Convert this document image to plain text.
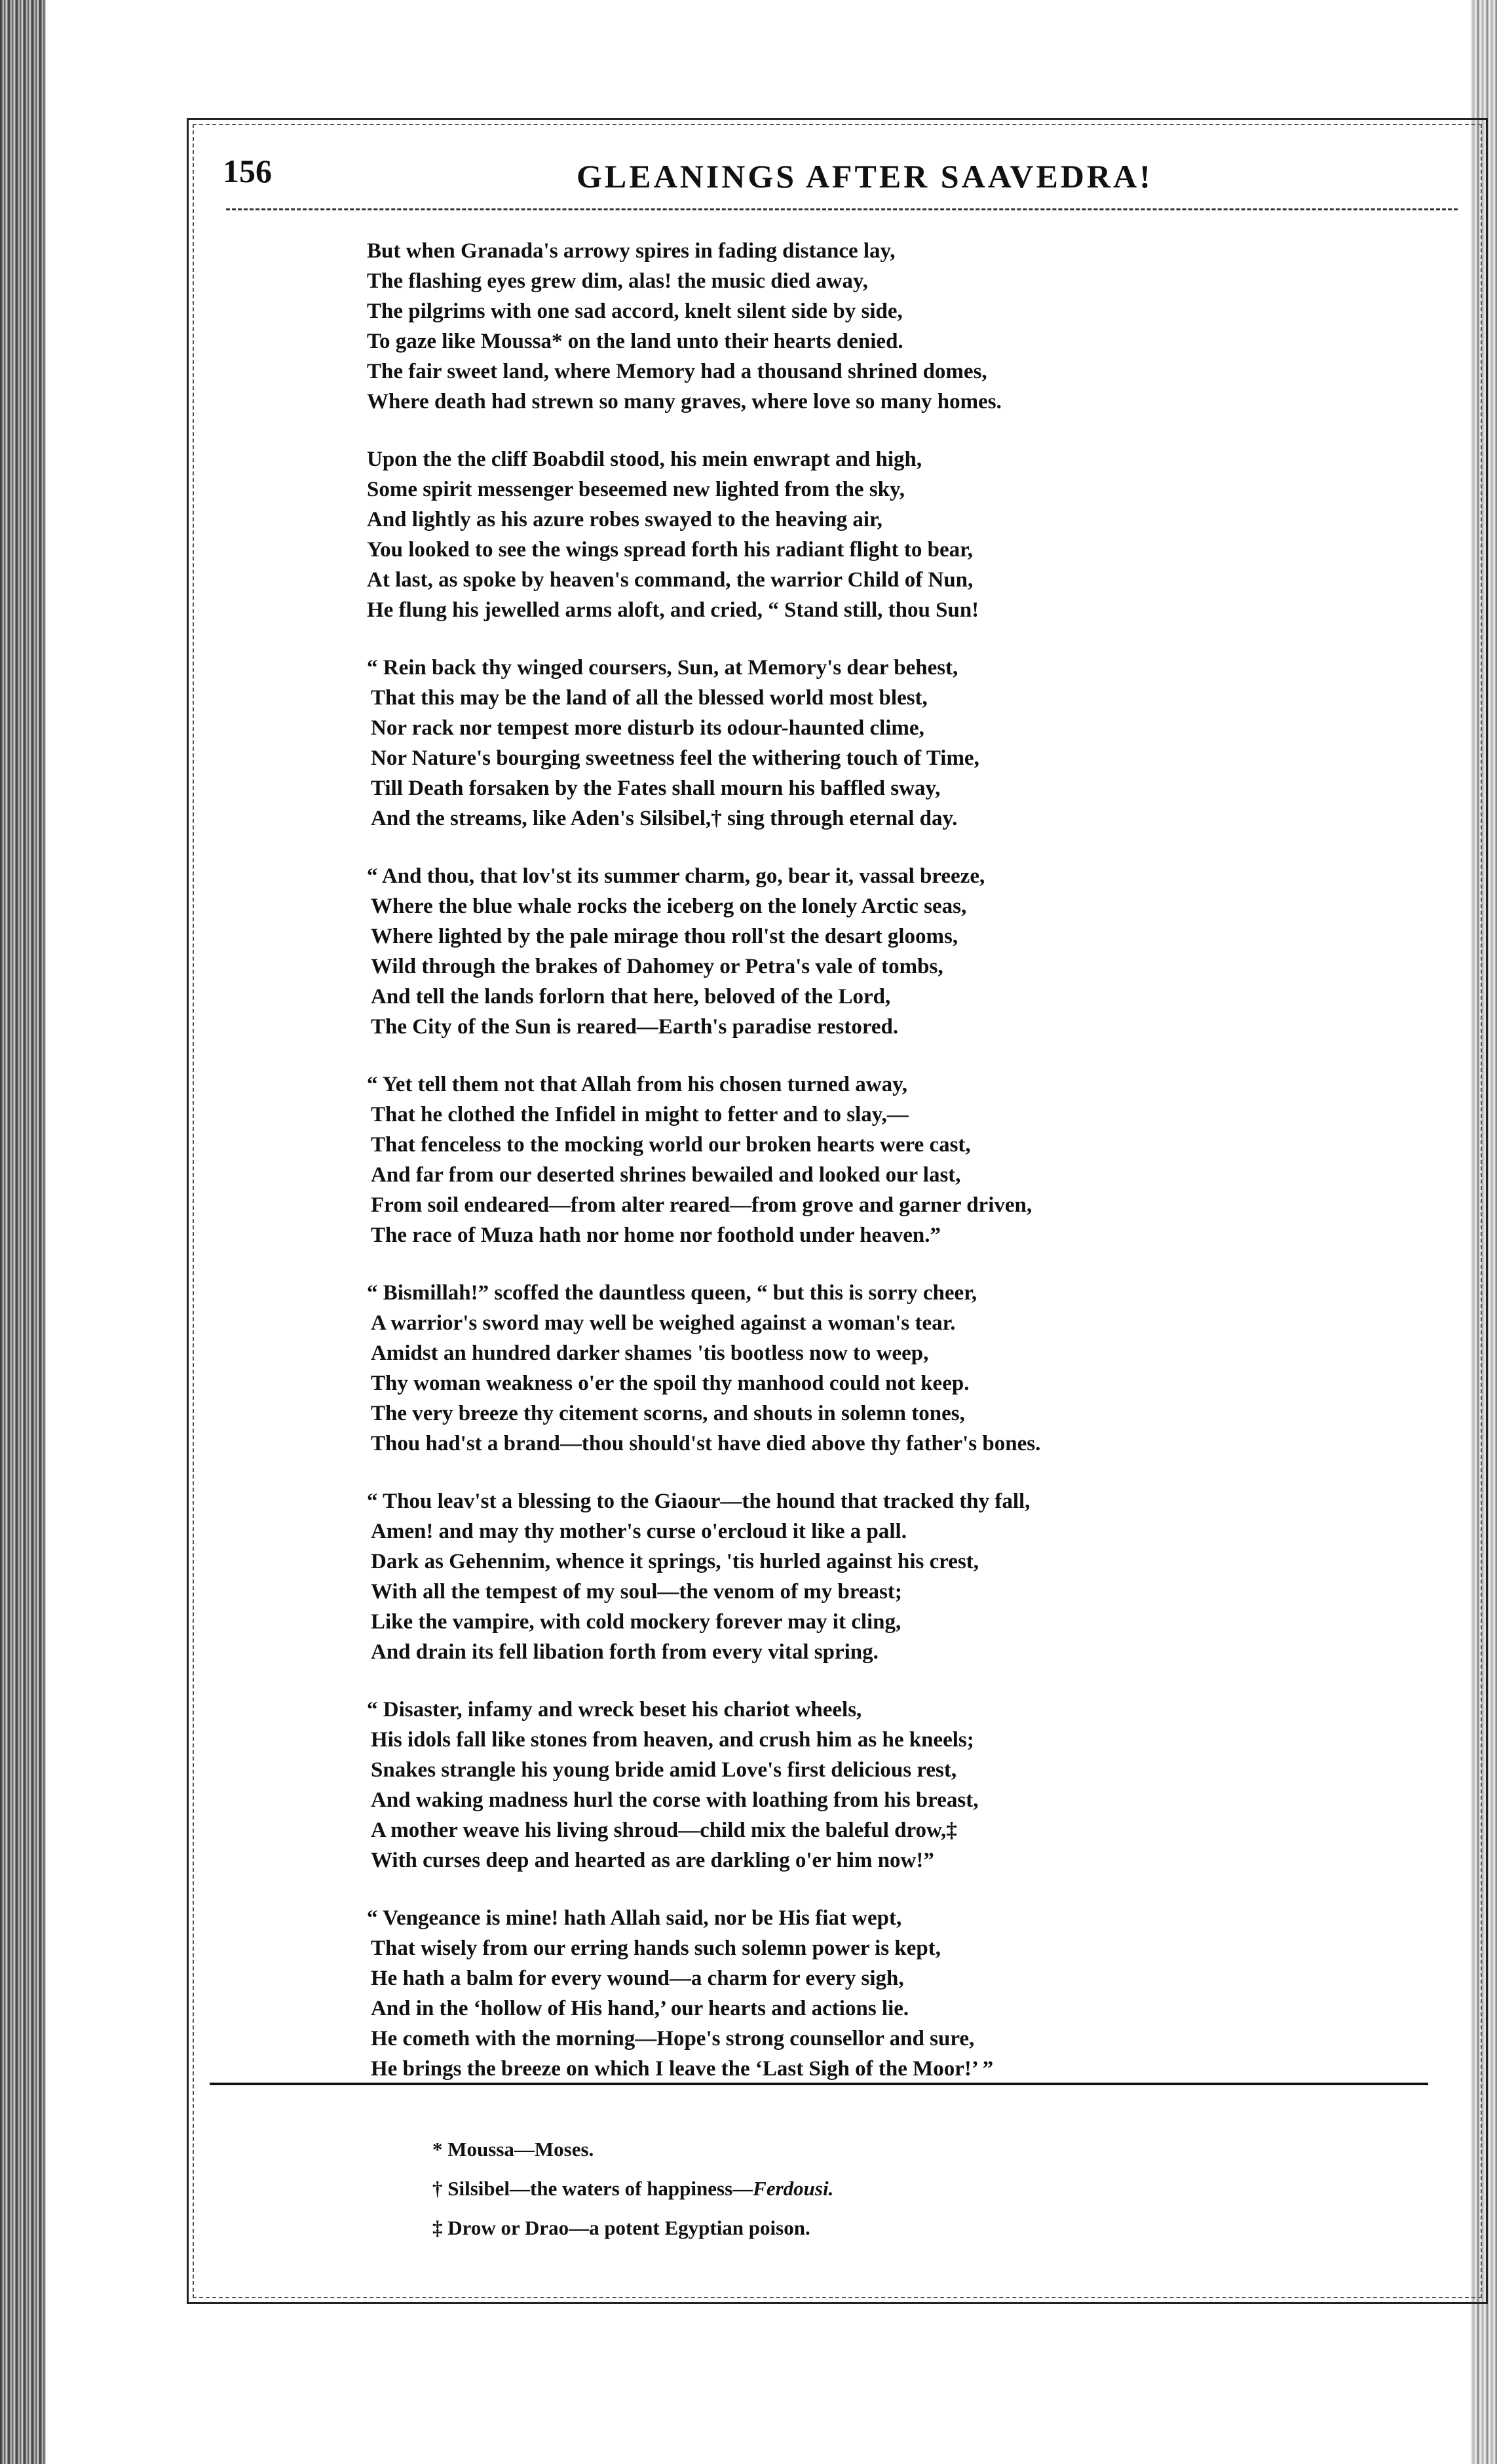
156	GLEANINGS AFTER SAAVEDRA!
But when Granada's arrowy spires in fading distance lay,
The flashing eyes grew dim, alas! the music died away,
The pilgrims with one sad accord, knelt silent side by side,
To gaze like Moussa* on the land unto their hearts denied.
The fair sweet land, where Memory had a thousand shrined domes,
Where death had strewn so many graves, where love so many homes.
Upon the the cliff Boabdil stood, his mein enwrapt and high,
Some spirit messenger beseemed new lighted from the sky,
And lightly as his azure robes swayed to the heaving air,
You looked to see the wings spread forth his radiant flight to bear,
At last, as spoke by heaven's command, the warrior Child of Nun,
He flung his jewelled arms aloft, and cried, “ Stand still, thou Sun!
“ Rein back thy winged coursers, Sun, at Memory's dear behest,
That this may be the land of all the blessed world most blest,
Nor rack nor tempest more disturb its odour-haunted clime,
Nor Nature's bourging sweetness feel the withering touch of Time,
Till Death forsaken by the Fates shall mourn his baffled sway,
And the streams, like Aden's Silsibel,† sing through eternal day.
“ And thou, that lov'st its summer charm, go, bear it, vassal breeze,
Where the blue whale rocks the iceberg on the lonely Arctic seas,
Where lighted by the pale mirage thou roll'st the desart glooms,
Wild through the brakes of Dahomey or Petra's vale of tombs,
And tell the lands forlorn that here, beloved of the Lord,
The City of the Sun is reared—Earth's paradise restored.
“ Yet tell them not that Allah from his chosen turned away,
That he clothed the Infidel in might to fetter and to slay,—
That fenceless to the mocking world our broken hearts were cast,
And far from our deserted shrines bewailed and looked our last,
From soil endeared—from alter reared—from grove and garner driven,
The race of Muza hath nor home nor foothold under heaven.”
“ Bismillah!” scoffed the dauntless queen, “ but this is sorry cheer,
A warrior's sword may well be weighed against a woman's tear.
Amidst an hundred darker shames 'tis bootless now to weep,
Thy woman weakness o'er the spoil thy manhood could not keep.
The very breeze thy citement scorns, and shouts in solemn tones,
Thou had'st a brand—thou should'st have died above thy father's bones.
“ Thou leav'st a blessing to the Giaour—the hound that tracked thy fall,
Amen! and may thy mother's curse o'ercloud it like a pall.
Dark as Gehennim, whence it springs, 'tis hurled against his crest,
With all the tempest of my soul—the venom of my breast;
Like the vampire, with cold mockery forever may it cling,
And drain its fell libation forth from every vital spring.
“ Disaster, infamy and wreck beset his chariot wheels,
His idols fall like stones from heaven, and crush him as he kneels;
Snakes strangle his young bride amid Love's first delicious rest,
And waking madness hurl the corse with loathing from his breast,
A mother weave his living shroud—child mix the baleful drow,‡
With curses deep and hearted as are darkling o'er him now!”
“ Vengeance is mine! hath Allah said, nor be His fiat wept,
That wisely from our erring hands such solemn power is kept,
He hath a balm for every wound—a charm for every sigh,
And in the ‘hollow of His hand,’ our hearts and actions lie.
He cometh with the morning—Hope's strong counsellor and sure,
He brings the breeze on which I leave the ‘Last Sigh of the Moor!’ ”
* Moussa—Moses.
† Silsibel—the waters of happiness—Ferdousi.
‡ Drow or Drao—a potent Egyptian poison.
